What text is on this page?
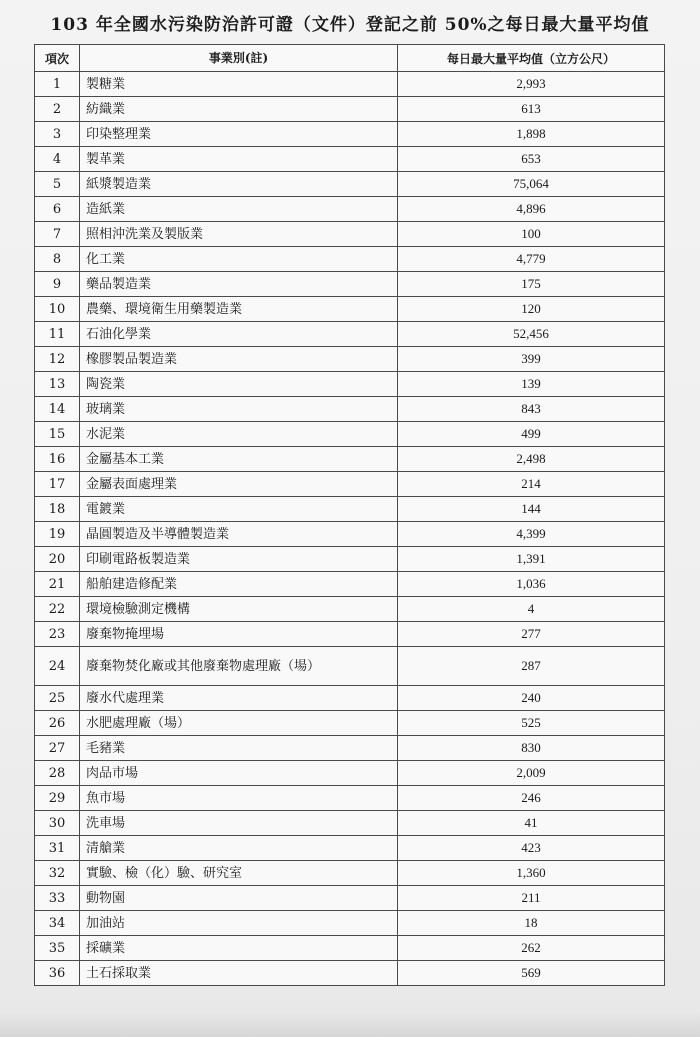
103 年全國水污染防治許可證（文件）登記之前 50%之每日最大量平均值
項次	事業別(註)	每日最大量平均值（立方公尺）
1	製糖業	2,993
2	紡織業	613
3	印染整理業	1,898
4	製革業	653
5	紙漿製造業	75,064
6	造紙業	4,896
7	照相沖洗業及製版業	100
8	化工業	4,779
9	藥品製造業	175
10	農藥、環境衛生用藥製造業	120
11	石油化學業	52,456
12	橡膠製品製造業	399
13	陶瓷業	139
14	玻璃業	843
15	水泥業	499
16	金屬基本工業	2,498
17	金屬表面處理業	214
18	電鍍業	144
19	晶圓製造及半導體製造業	4,399
20	印刷電路板製造業	1,391
21	船舶建造修配業	1,036
22	環境檢驗測定機構	4
23	廢棄物掩埋場	277
24	廢棄物焚化廠或其他廢棄物處理廠（場）	287
25	廢水代處理業	240
26	水肥處理廠（場）	525
27	毛豬業	830
28	肉品市場	2,009
29	魚市場	246
30	洗車場	41
31	清艙業	423
32	實驗、檢（化）驗、研究室	1,360
33	動物園	211
34	加油站	18
35	採礦業	262
36	土石採取業	569
